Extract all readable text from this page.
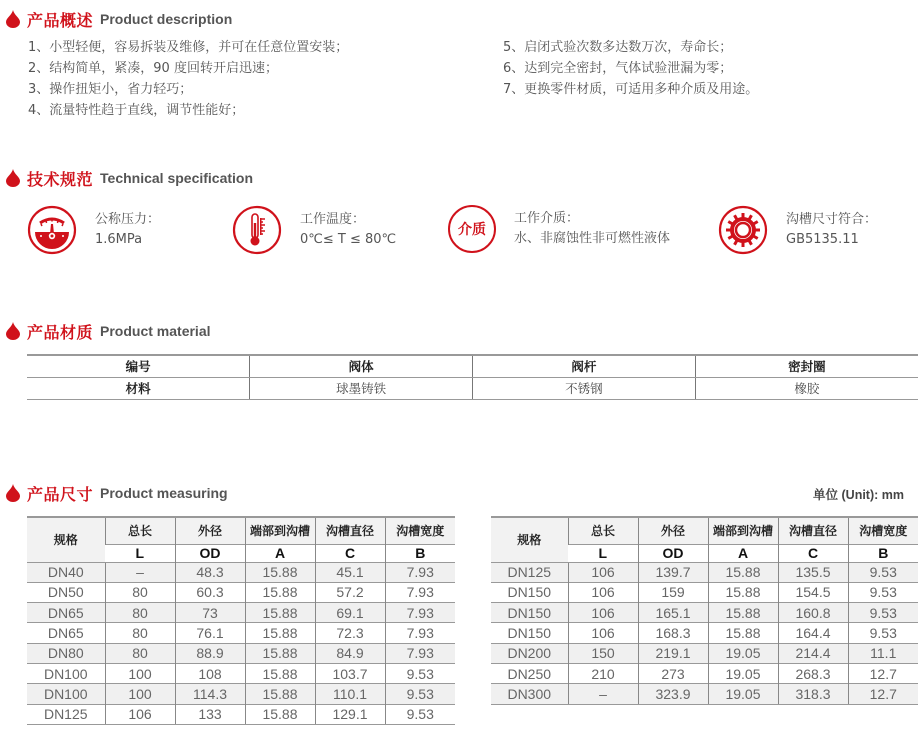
产品概述 Product description
1、小型轻便，容易拆装及维修，并可在任意位置安装；
2、结构简单，紧凑，90 度回转开启迅速；
3、操作扭矩小，省力轻巧；
4、流量特性趋于直线，调节性能好；
5、启闭式验次数多达数万次，寿命长；
6、达到完全密封，气体试验泄漏为零；
7、更换零件材质，可适用多种介质及用途。
技术规范 Technical specification
公称压力：
1.6MPa
工作温度：
0℃≤ T ≤ 80℃
介质
工作介质：
水、非腐蚀性非可燃性液体
沟槽尺寸符合：
GB5135.11
产品材质 Product material
编号	阀体	阀杆	密封圈
材料	球墨铸铁	不锈钢	橡胶
产品尺寸 Product measuring	单位 (Unit): mm
规格	总长	外径	端部到沟槽	沟槽直径	沟槽宽度
	L	OD	A	C	B
DN40	–	48.3	15.88	45.1	7.93
DN50	80	60.3	15.88	57.2	7.93
DN65	80	73	15.88	69.1	7.93
DN65	80	76.1	15.88	72.3	7.93
DN80	80	88.9	15.88	84.9	7.93
DN100	100	108	15.88	103.7	9.53
DN100	100	114.3	15.88	110.1	9.53
DN125	106	133	15.88	129.1	9.53
规格	总长	外径	端部到沟槽	沟槽直径	沟槽宽度
	L	OD	A	C	B
DN125	106	139.7	15.88	135.5	9.53
DN150	106	159	15.88	154.5	9.53
DN150	106	165.1	15.88	160.8	9.53
DN150	106	168.3	15.88	164.4	9.53
DN200	150	219.1	19.05	214.4	11.1
DN250	210	273	19.05	268.3	12.7
DN300	–	323.9	19.05	318.3	12.7
